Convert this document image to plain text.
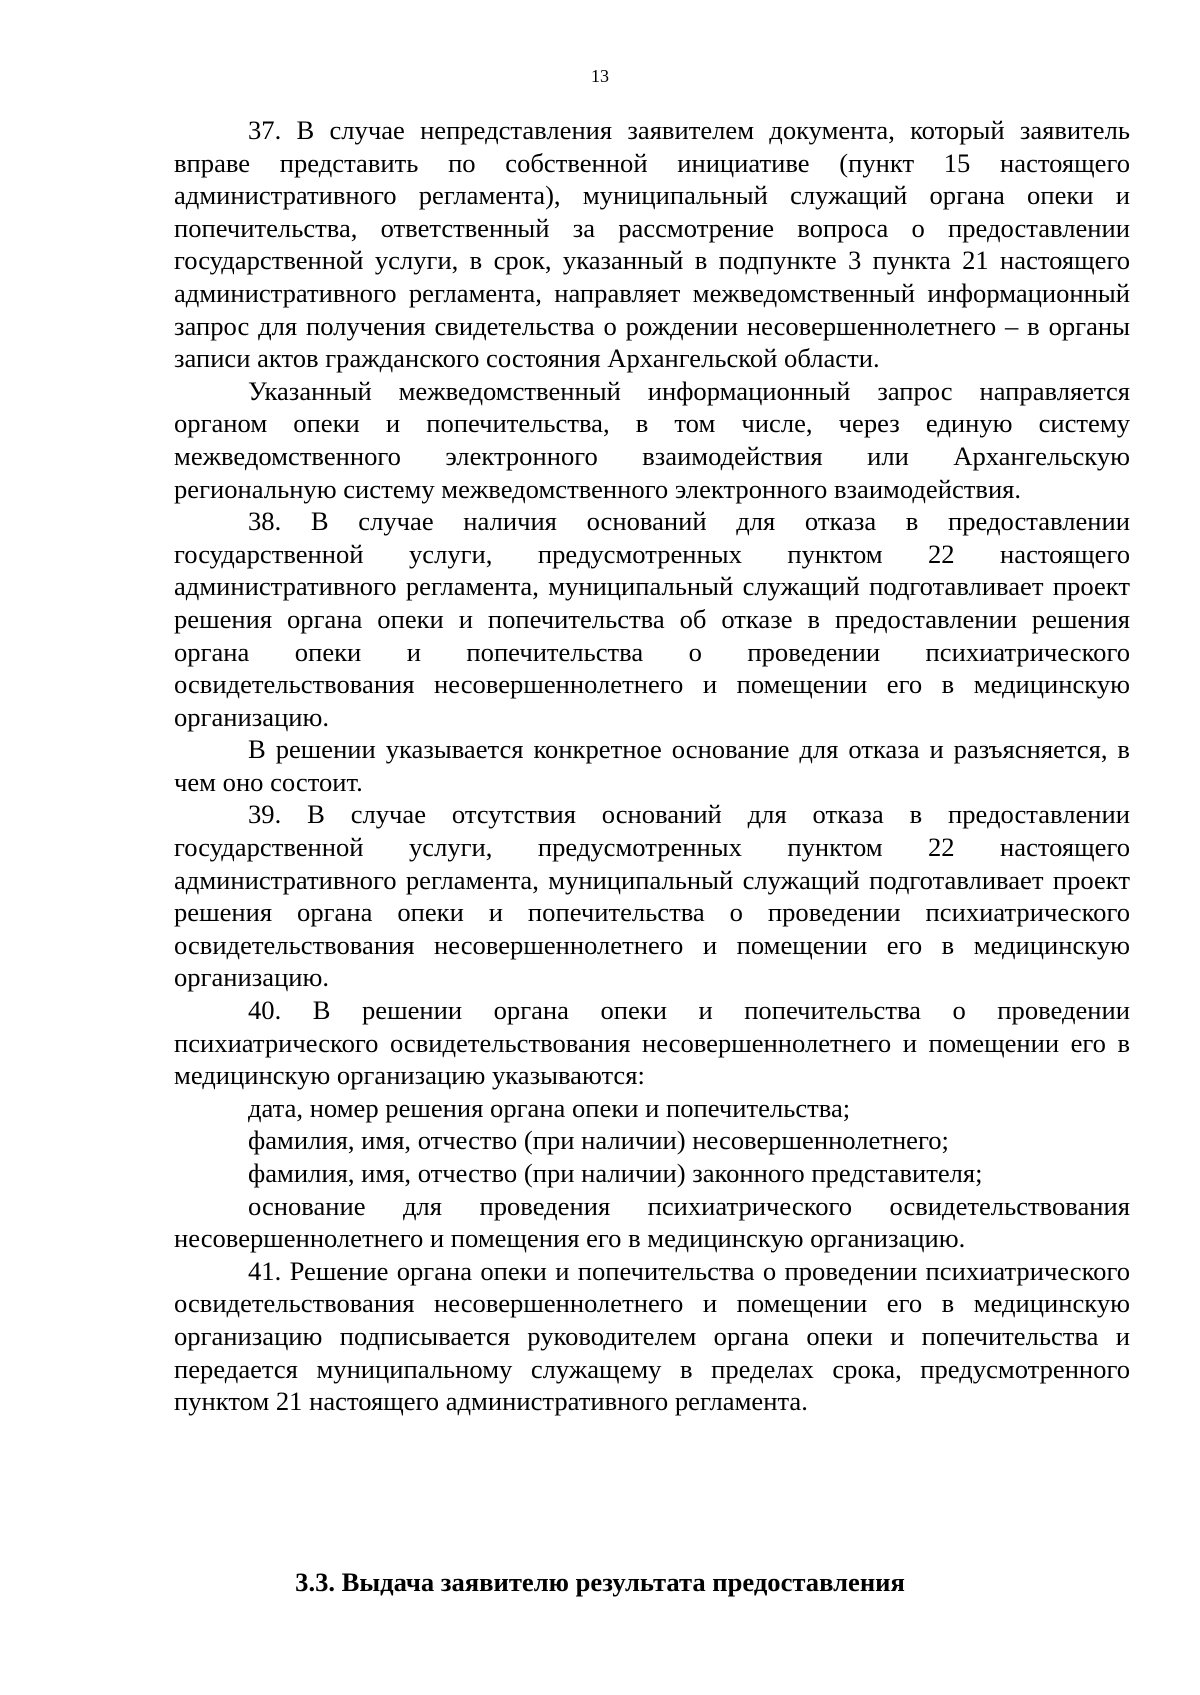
13

37. В случае непредставления заявителем документа, который заявитель вправе представить по собственной инициативе (пункт 15 настоящего административного регламента), муниципальный служащий органа опеки и попечительства, ответственный за рассмотрение вопроса о предоставлении государственной услуги, в срок, указанный в подпункте 3 пункта 21 настоящего административного регламента, направляет межведомственный информационный запрос для получения свидетельства о рождении несовершеннолетнего – в органы записи актов гражданского состояния Архангельской области.

Указанный межведомственный информационный запрос направляется органом опеки и попечительства, в том числе, через единую систему межведомственного электронного взаимодействия или Архангельскую региональную систему межведомственного электронного взаимодействия.

38. В случае наличия оснований для отказа в предоставлении государственной услуги, предусмотренных пунктом 22 настоящего административного регламента, муниципальный служащий подготавливает проект решения органа опеки и попечительства об отказе в предоставлении решения органа опеки и попечительства о проведении психиатрического освидетельствования несовершеннолетнего и помещении его в медицинскую организацию.

В решении указывается конкретное основание для отказа и разъясняется, в чем оно состоит.

39. В случае отсутствия оснований для отказа в предоставлении государственной услуги, предусмотренных пунктом 22 настоящего административного регламента, муниципальный служащий подготавливает проект решения органа опеки и попечительства о проведении психиатрического освидетельствования несовершеннолетнего и помещении его в медицинскую организацию.

40. В решении органа опеки и попечительства о проведении психиатрического освидетельствования несовершеннолетнего и помещении его в медицинскую организацию указываются:

дата, номер решения органа опеки и попечительства;

фамилия, имя, отчество (при наличии) несовершеннолетнего;

фамилия, имя, отчество (при наличии) законного представителя;

основание для проведения психиатрического освидетельствования несовершеннолетнего и помещения его в медицинскую организацию.

41. Решение органа опеки и попечительства о проведении психиатрического освидетельствования несовершеннолетнего и помещении его в медицинскую организацию подписывается руководителем органа опеки и попечительства и передается муниципальному служащему в пределах срока, предусмотренного пунктом 21 настоящего административного регламента.

3.3. Выдача заявителю результата предоставления
